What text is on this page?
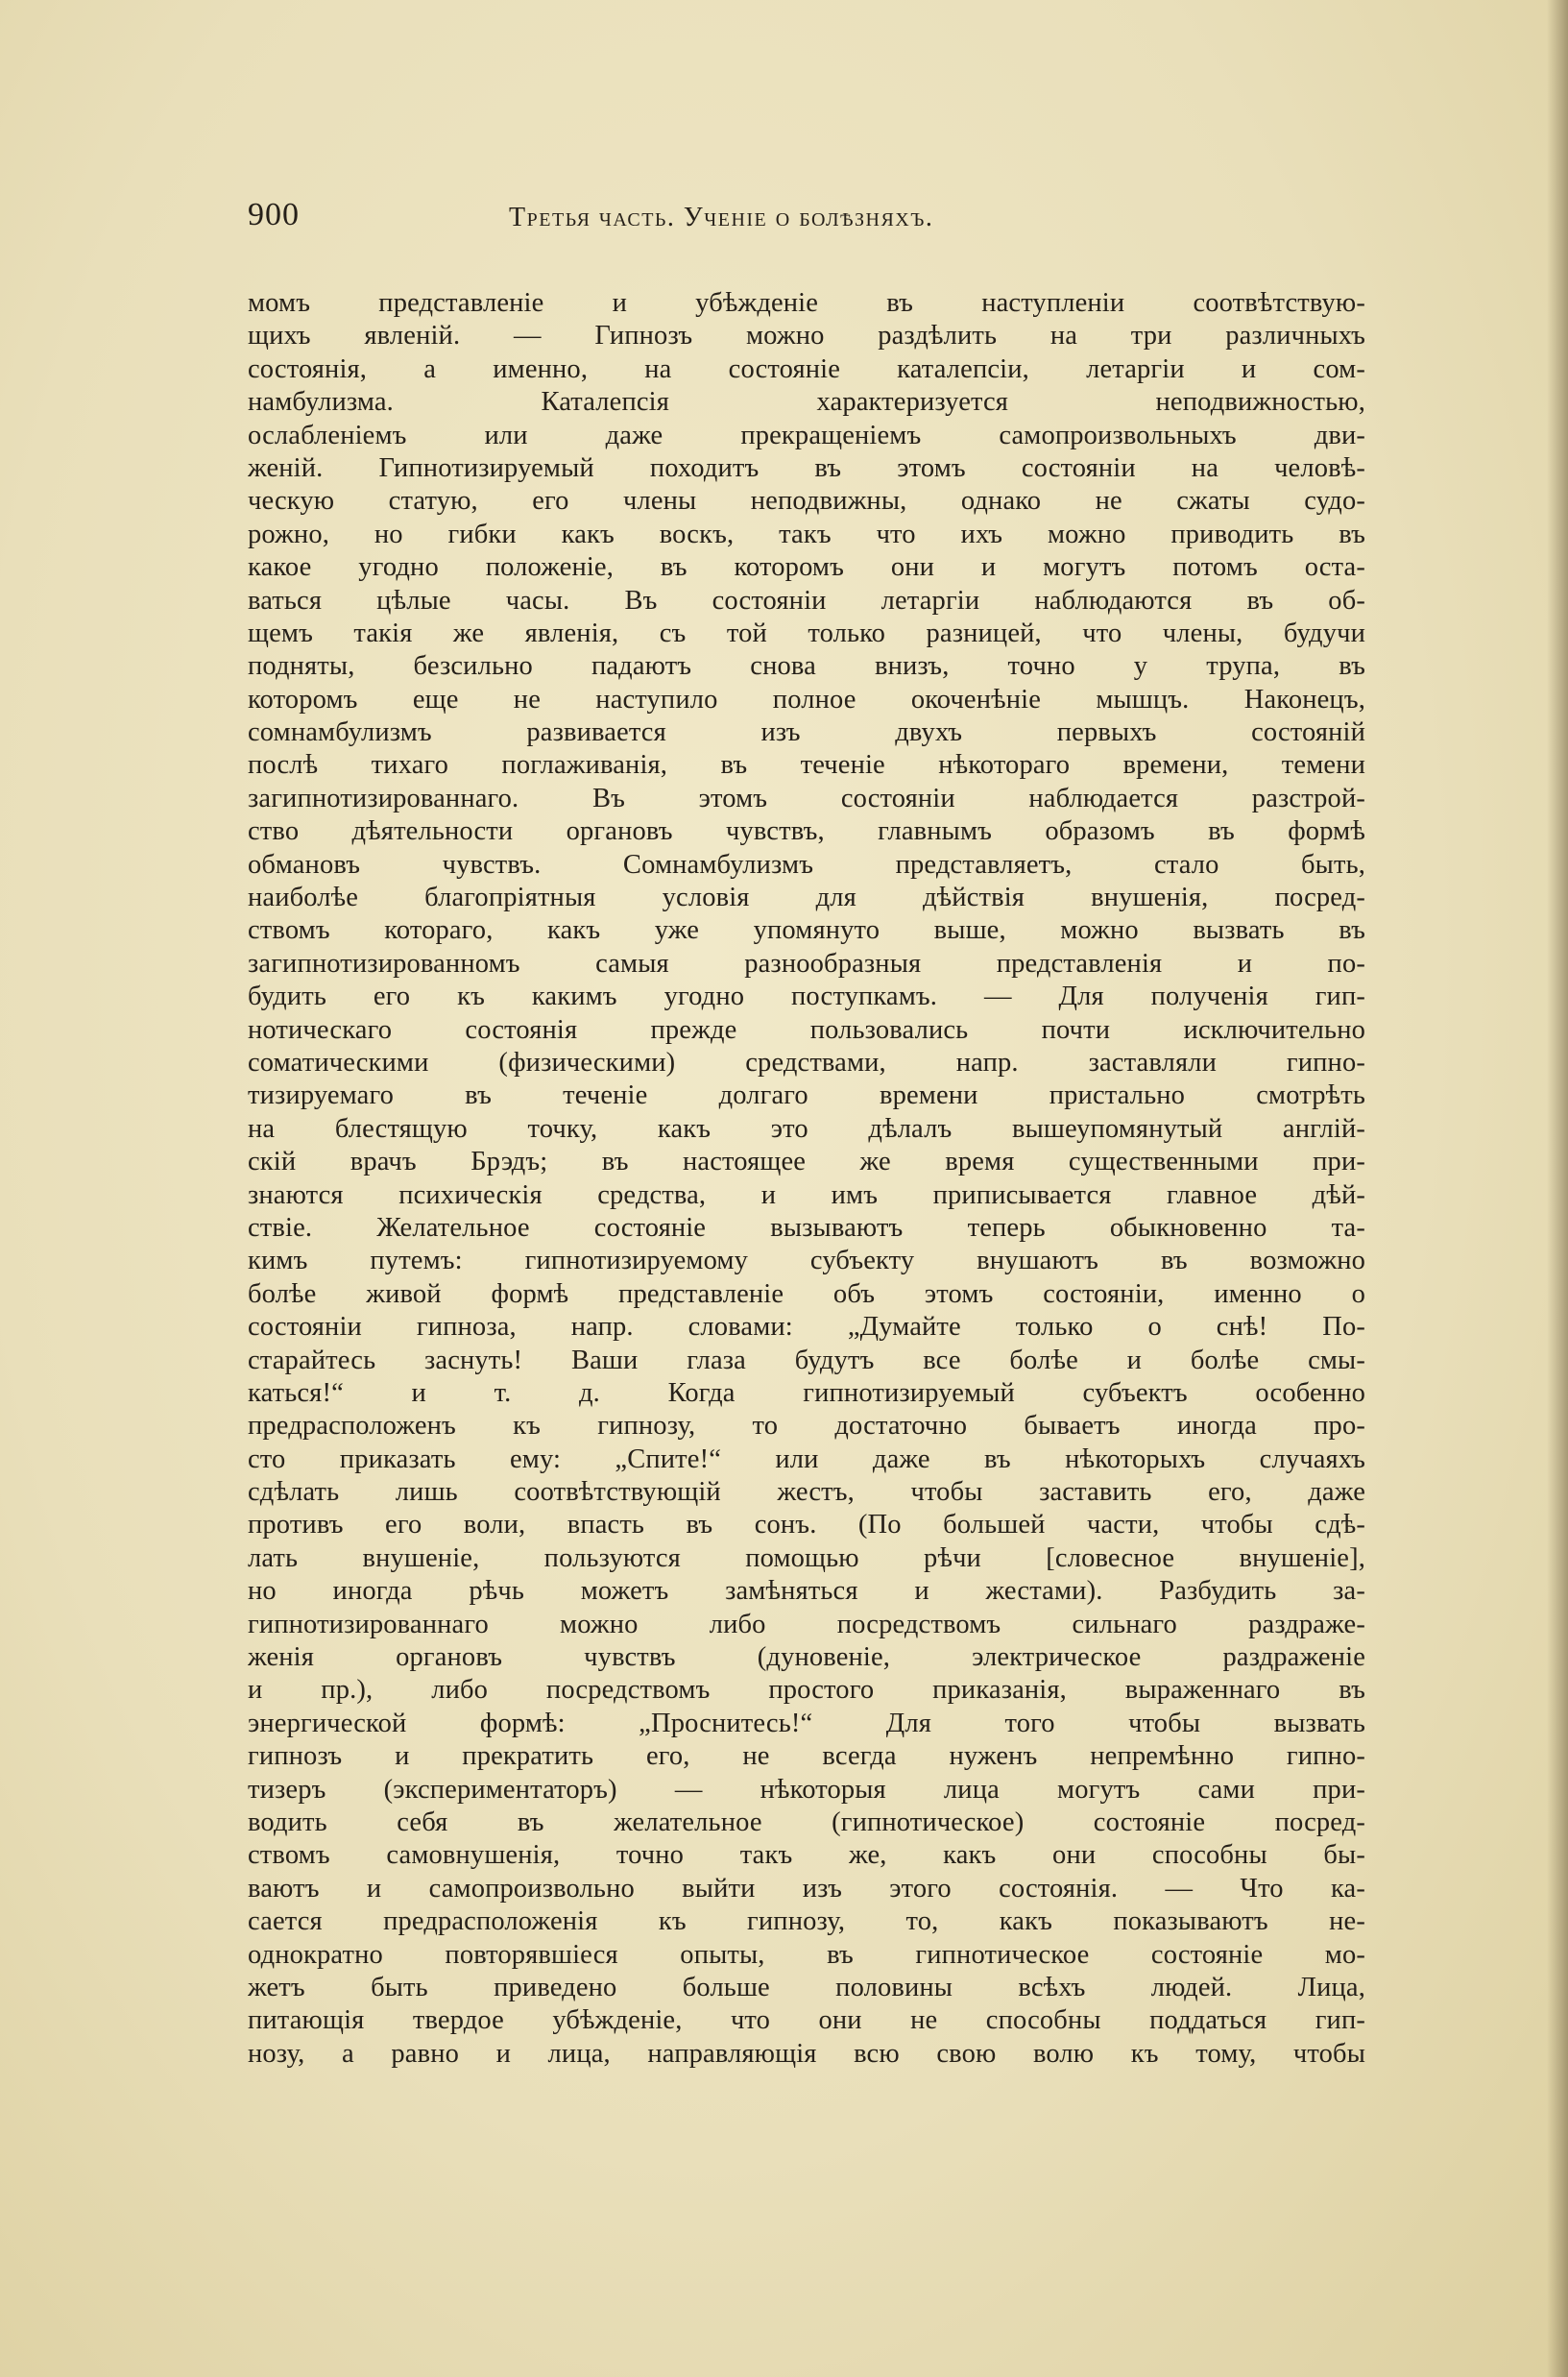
900	Третья часть. Ученіе о болѣзняхъ.
момъ представленіе и убѣжденіе въ наступленіи соотвѣтствую-
щихъ явленій. — Гипнозъ можно раздѣлить на три различныхъ
состоянія, а именно, на состояніе каталепсіи, летаргіи и сом-
намбулизма. Каталепсія характеризуется неподвижностью,
ослабленіемъ или даже прекращеніемъ самопроизвольныхъ дви-
женій. Гипнотизируемый походитъ въ этомъ состояніи на человѣ-
ческую статую, его члены неподвижны, однако не сжаты судо-
рожно, но гибки какъ воскъ, такъ что ихъ можно приводить въ
какое угодно положеніе, въ которомъ они и могутъ потомъ оста-
ваться цѣлые часы. Въ состояніи летаргіи наблюдаются въ об-
щемъ такія же явленія, съ той только разницей, что члены, будучи
подняты, безсильно падаютъ снова внизъ, точно у трупа, въ
которомъ еще не наступило полное окоченѣніе мышцъ. Наконецъ,
сомнамбулизмъ развивается изъ двухъ первыхъ состояній
послѣ тихаго поглаживанія, въ теченіе нѣкотораго времени, темени
загипнотизированнаго. Въ этомъ состояніи наблюдается разстрой-
ство дѣятельности органовъ чувствъ, главнымъ образомъ въ формѣ
обмановъ чувствъ. Сомнамбулизмъ представляетъ, стало быть,
наиболѣе благопріятныя условія для дѣйствія внушенія, посред-
ствомъ котораго, какъ уже упомянуто выше, можно вызвать въ
загипнотизированномъ самыя разнообразныя представленія и по-
будить его къ какимъ угодно поступкамъ. — Для полученія гип-
нотическаго состоянія прежде пользовались почти исключительно
соматическими (физическими) средствами, напр. заставляли гипно-
тизируемаго въ теченіе долгаго времени пристально смотрѣть
на блестящую точку, какъ это дѣлалъ вышеупомянутый англій-
скій врачъ Брэдъ; въ настоящее же время существенными при-
знаются психическія средства, и имъ приписывается главное дѣй-
ствіе. Желательное состояніе вызываютъ теперь обыкновенно та-
кимъ путемъ: гипнотизируемому субъекту внушаютъ въ возможно
болѣе живой формѣ представленіе объ этомъ состояніи, именно о
состояніи гипноза, напр. словами: „Думайте только о снѣ! По-
старайтесь заснуть! Ваши глаза будутъ все болѣе и болѣе смы-
каться!“ и т. д. Когда гипнотизируемый субъектъ особенно
предрасположенъ къ гипнозу, то достаточно бываетъ иногда про-
сто приказать ему: „Спите!“ или даже въ нѣкоторыхъ случаяхъ
сдѣлать лишь соотвѣтствующій жестъ, чтобы заставить его, даже
противъ его воли, впасть въ сонъ. (По большей части, чтобы сдѣ-
лать внушеніе, пользуются помощью рѣчи [словесное внушеніе],
но иногда рѣчь можетъ замѣняться и жестами). Разбудить за-
гипнотизированнаго можно либо посредствомъ сильнаго раздраже-
женія органовъ чувствъ (дуновеніе, электрическое раздраженіе
и пр.), либо посредствомъ простого приказанія, выраженнаго въ
энергической формѣ: „Проснитесь!“ Для того чтобы вызвать
гипнозъ и прекратить его, не всегда нуженъ непремѣнно гипно-
тизеръ (экспериментаторъ) — нѣкоторыя лица могутъ сами при-
водить себя въ желательное (гипнотическое) состояніе посред-
ствомъ самовнушенія, точно такъ же, какъ они способны бы-
ваютъ и самопроизвольно выйти изъ этого состоянія. — Что ка-
сается предрасположенія къ гипнозу, то, какъ показываютъ не-
однократно повторявшіеся опыты, въ гипнотическое состояніе мо-
жетъ быть приведено больше половины всѣхъ людей. Лица,
питающія твердое убѣжденіе, что они не способны поддаться гип-
нозу, а равно и лица, направляющія всю свою волю къ тому, чтобы
